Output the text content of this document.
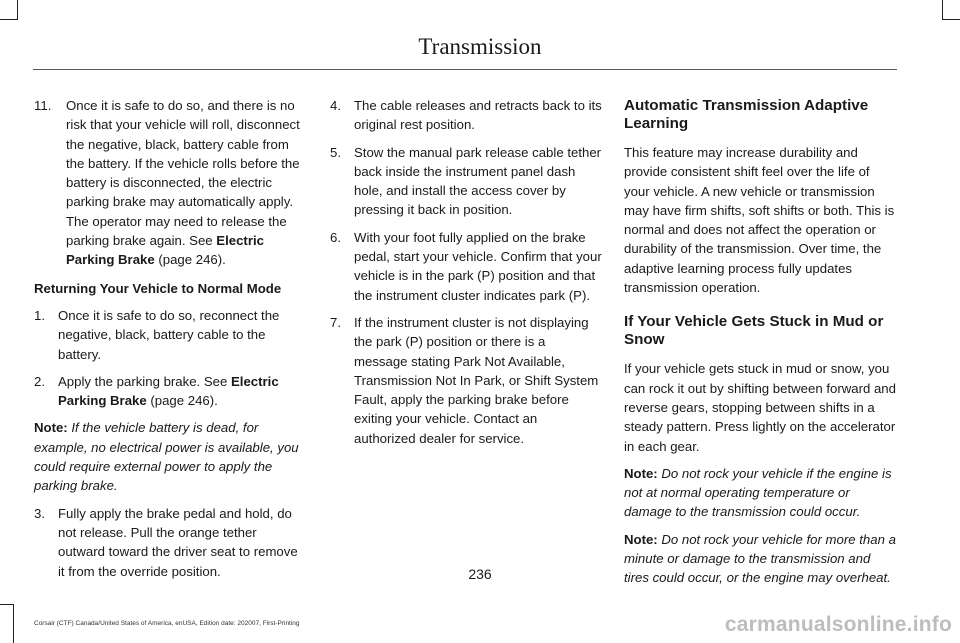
Transmission
11. Once it is safe to do so, and there is no risk that your vehicle will roll, disconnect the negative, black, battery cable from the battery. If the vehicle rolls before the battery is disconnected, the electric parking brake may automatically apply. The operator may need to release the parking brake again. See Electric Parking Brake (page 246).
Returning Your Vehicle to Normal Mode
1. Once it is safe to do so, reconnect the negative, black, battery cable to the battery.
2. Apply the parking brake. See Electric Parking Brake (page 246).

Note: If the vehicle battery is dead, for example, no electrical power is available, you could require external power to apply the parking brake.

3. Fully apply the brake pedal and hold, do not release. Pull the orange tether outward toward the driver seat to remove it from the override position.
4. The cable releases and retracts back to its original rest position.
5. Stow the manual park release cable tether back inside the instrument panel dash hole, and install the access cover by pressing it back in position.
6. With your foot fully applied on the brake pedal, start your vehicle. Confirm that your vehicle is in the park (P) position and that the instrument cluster indicates park (P).
7. If the instrument cluster is not displaying the park (P) position or there is a message stating Park Not Available, Transmission Not In Park, or Shift System Fault, apply the parking brake before exiting your vehicle. Contact an authorized dealer for service.
Automatic Transmission Adaptive Learning

This feature may increase durability and provide consistent shift feel over the life of your vehicle. A new vehicle or transmission may have firm shifts, soft shifts or both. This is normal and does not affect the operation or durability of the transmission. Over time, the adaptive learning process fully updates transmission operation.

If Your Vehicle Gets Stuck in Mud or Snow

If your vehicle gets stuck in mud or snow, you can rock it out by shifting between forward and reverse gears, stopping between shifts in a steady pattern. Press lightly on the accelerator in each gear.

Note: Do not rock your vehicle if the engine is not at normal operating temperature or damage to the transmission could occur.

Note: Do not rock your vehicle for more than a minute or damage to the transmission and tires could occur, or the engine may overheat.

236
Corsair (CTF) Canada/United States of America, enUSA, Edition date: 202007, First-Printing	carmanualsonline.info
